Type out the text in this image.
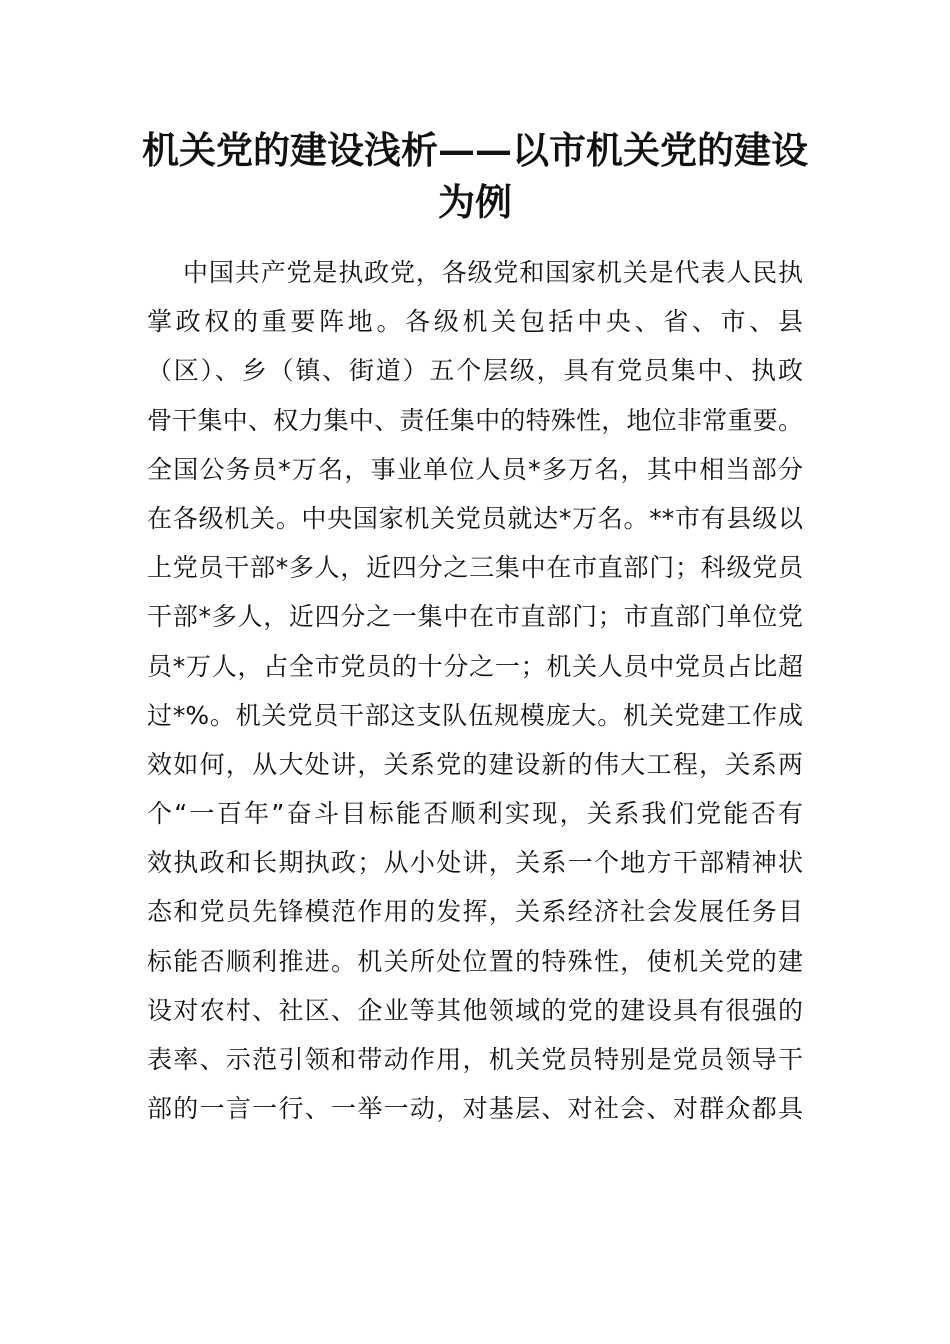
机关党的建设浅析——以市机关党的建设
为例
中国共产党是执政党，各级党和国家机关是代表人民执
掌政权的重要阵地。各级机关包括中央、省、市、县
（区）、乡（镇、街道）五个层级，具有党员集中、执政
骨干集中、权力集中、责任集中的特殊性，地位非常重要。
全国公务员*万名，事业单位人员*多万名，其中相当部分
在各级机关。中央国家机关党员就达*万名。**市有县级以
上党员干部*多人，近四分之三集中在市直部门；科级党员
干部*多人，近四分之一集中在市直部门；市直部门单位党
员*万人，占全市党员的十分之一；机关人员中党员占比超
过*%。机关党员干部这支队伍规模庞大。机关党建工作成
效如何，从大处讲，关系党的建设新的伟大工程，关系两
个“一百年”奋斗目标能否顺利实现，关系我们党能否有
效执政和长期执政；从小处讲，关系一个地方干部精神状
态和党员先锋模范作用的发挥，关系经济社会发展任务目
标能否顺利推进。机关所处位置的特殊性，使机关党的建
设对农村、社区、企业等其他领域的党的建设具有很强的
表率、示范引领和带动作用，机关党员特别是党员领导干
部的一言一行、一举一动，对基层、对社会、对群众都具
